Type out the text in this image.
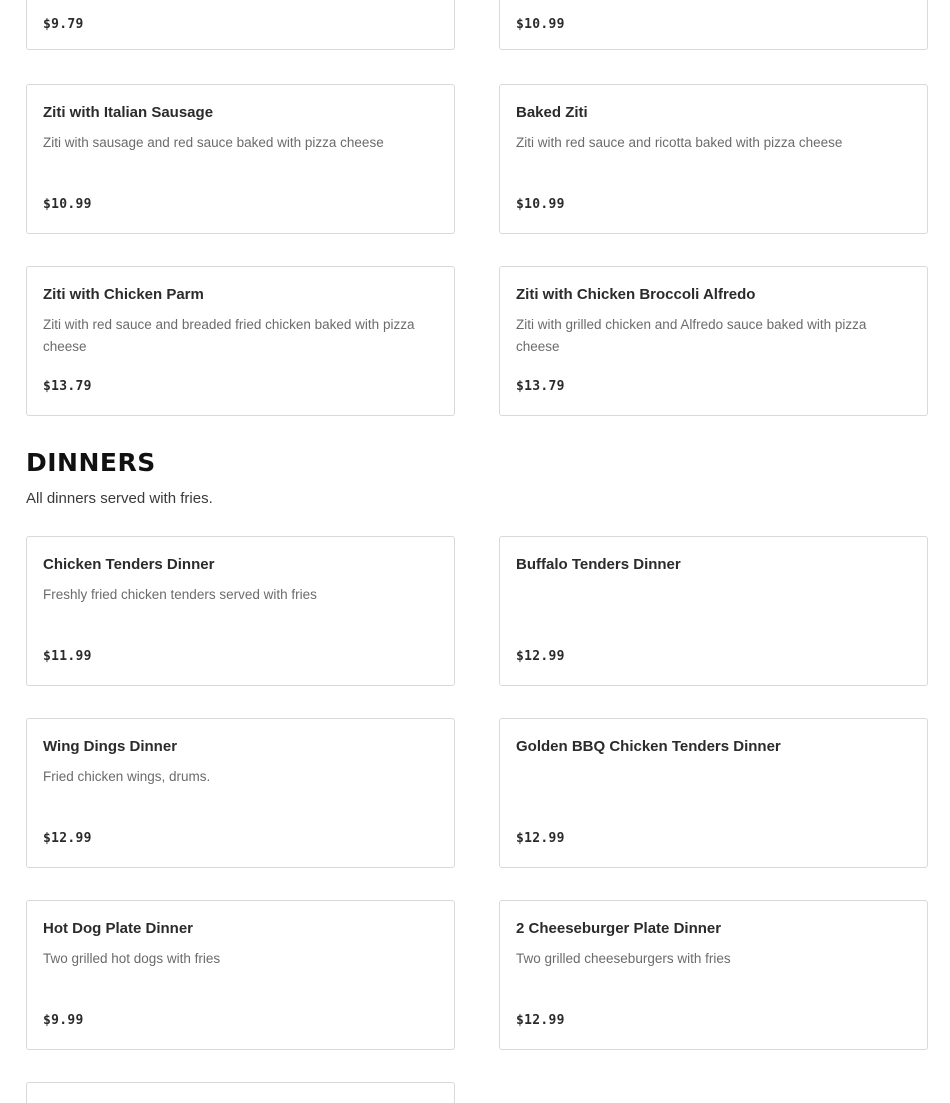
$9.79	$10.99
Ziti with Italian Sausage
Ziti with sausage and red sauce baked with pizza cheese
$10.99
Baked Ziti
Ziti with red sauce and ricotta baked with pizza cheese
$10.99
Ziti with Chicken Parm
Ziti with red sauce and breaded fried chicken baked with pizza cheese
$13.79
Ziti with Chicken Broccoli Alfredo
Ziti with grilled chicken and Alfredo sauce baked with pizza cheese
$13.79
DINNERS
All dinners served with fries.
Chicken Tenders Dinner
Freshly fried chicken tenders served with fries
$11.99
Buffalo Tenders Dinner
$12.99
Wing Dings Dinner
Fried chicken wings, drums.
$12.99
Golden BBQ Chicken Tenders Dinner
$12.99
Hot Dog Plate Dinner
Two grilled hot dogs with fries
$9.99
2 Cheeseburger Plate Dinner
Two grilled cheeseburgers with fries
$12.99
